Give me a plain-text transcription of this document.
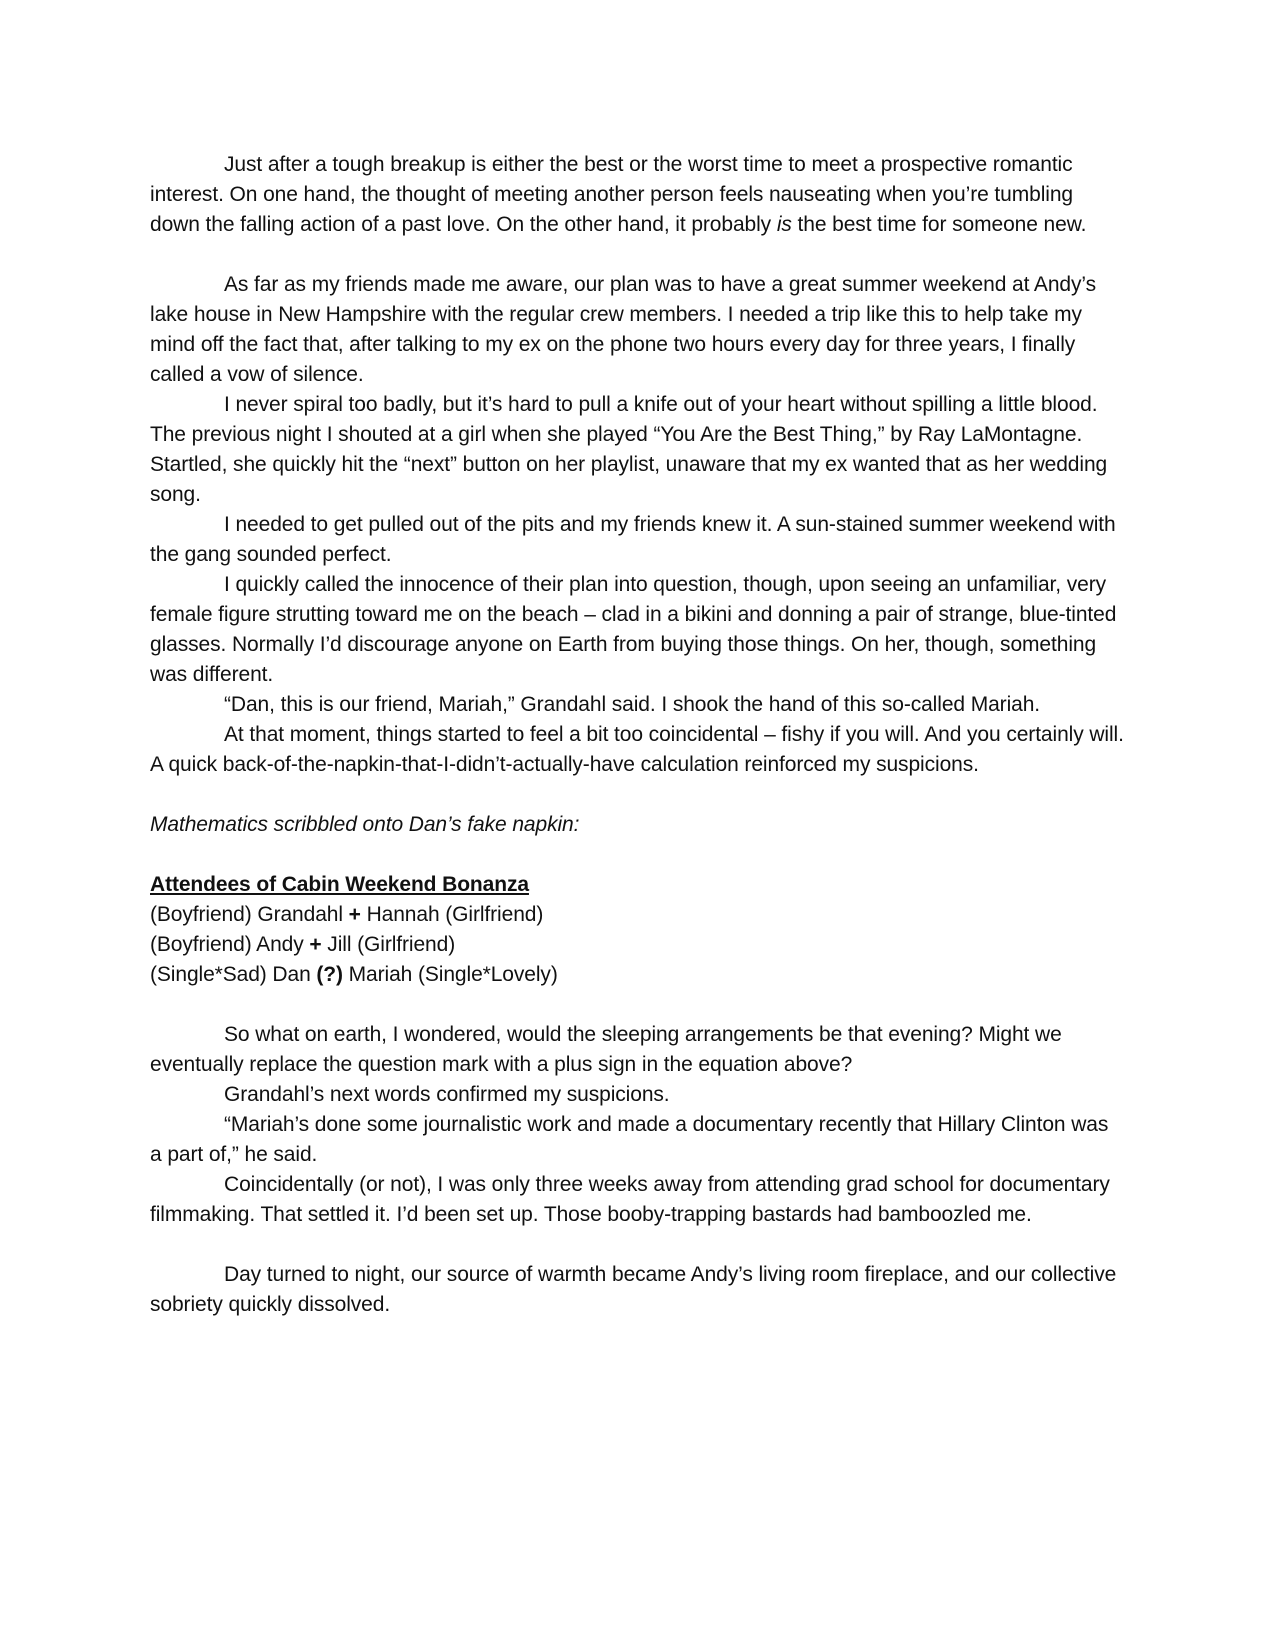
Just after a tough breakup is either the best or the worst time to meet a prospective romantic interest. On one hand, the thought of meeting another person feels nauseating when you’re tumbling down the falling action of a past love. On the other hand, it probably is the best time for someone new.

As far as my friends made me aware, our plan was to have a great summer weekend at Andy’s lake house in New Hampshire with the regular crew members. I needed a trip like this to help take my mind off the fact that, after talking to my ex on the phone two hours every day for three years, I finally called a vow of silence.

I never spiral too badly, but it’s hard to pull a knife out of your heart without spilling a little blood. The previous night I shouted at a girl when she played “You Are the Best Thing,” by Ray LaMontagne. Startled, she quickly hit the “next” button on her playlist, unaware that my ex wanted that as her wedding song.

I needed to get pulled out of the pits and my friends knew it. A sun-stained summer weekend with the gang sounded perfect.

I quickly called the innocence of their plan into question, though, upon seeing an unfamiliar, very female figure strutting toward me on the beach – clad in a bikini and donning a pair of strange, blue-tinted glasses. Normally I’d discourage anyone on Earth from buying those things. On her, though, something was different.

“Dan, this is our friend, Mariah,” Grandahl said. I shook the hand of this so-called Mariah.

At that moment, things started to feel a bit too coincidental – fishy if you will. And you certainly will. A quick back-of-the-napkin-that-I-didn’t-actually-have calculation reinforced my suspicions.

Mathematics scribbled onto Dan’s fake napkin:

Attendees of Cabin Weekend Bonanza
(Boyfriend) Grandahl + Hannah (Girlfriend)
(Boyfriend) Andy + Jill (Girlfriend)
(Single*Sad) Dan (?) Mariah (Single*Lovely)

So what on earth, I wondered, would the sleeping arrangements be that evening? Might we eventually replace the question mark with a plus sign in the equation above?

Grandahl’s next words confirmed my suspicions.

“Mariah’s done some journalistic work and made a documentary recently that Hillary Clinton was a part of,” he said.

Coincidentally (or not), I was only three weeks away from attending grad school for documentary filmmaking. That settled it. I’d been set up. Those booby-trapping bastards had bamboozled me.

Day turned to night, our source of warmth became Andy’s living room fireplace, and our collective sobriety quickly dissolved.
